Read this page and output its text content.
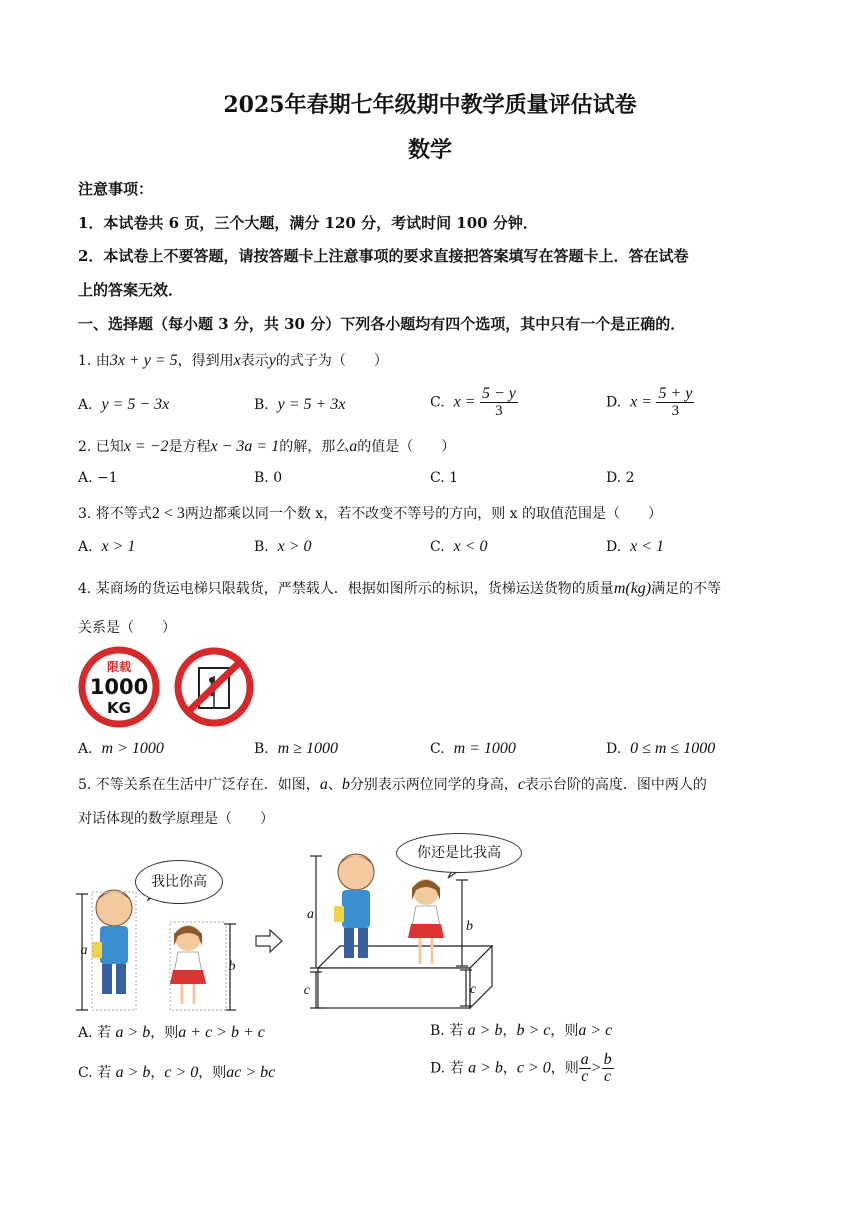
2025年春期七年级期中教学质量评估试卷
数学
注意事项：
1．本试卷共 6 页，三个大题，满分 120 分，考试时间 100 分钟．
2．本试卷上不要答题，请按答题卡上注意事项的要求直接把答案填写在答题卡上．答在试卷
上的答案无效．
一、选择题（每小题 3 分，共 30 分）下列各小题均有四个选项，其中只有一个是正确的．
1. 由3x + y = 5，得到用x表示y的式子为（　　）
A. y = 5 − 3x	B. y = 5 + 3x	C. $x = \frac{5 - y}{3}$	D. $x = \frac{5 + y}{3}$
2. 已知x = −2是方程x − 3a = 1的解，那么a的值是（　　）
A. −1	B. 0	C. 1	D. 2
3. 将不等式2 < 3两边都乘以同一个数 x，若不改变不等号的方向，则 x 的取值范围是（　　）
A. x > 1	B. x > 0	C. x < 0	D. x < 1
4. 某商场的货运电梯只限载货，严禁载人．根据如图所示的标识，货梯运送货物的质量m(kg)满足的不等
关系是（　　）
限载
1000
KG
A. m > 1000	B. m ≥ 1000	C. m = 1000	D. 0 ≤ m ≤ 1000
5. 不等关系在生活中广泛存在．如图，a、b分别表示两位同学的身高，c表示台阶的高度．图中两人的
对话体现的数学原理是（　　）
a
b
a
c
b
c
我比你高
你还是比我高
A. 若 a > b，则a + c > b + c	B. 若 a > b，b > c，则a > c
C. 若 a > b，c > 0，则ac > bc	D. 若 a > b，c > 0，则 $\frac{a}{c} > \frac{b}{c}$
